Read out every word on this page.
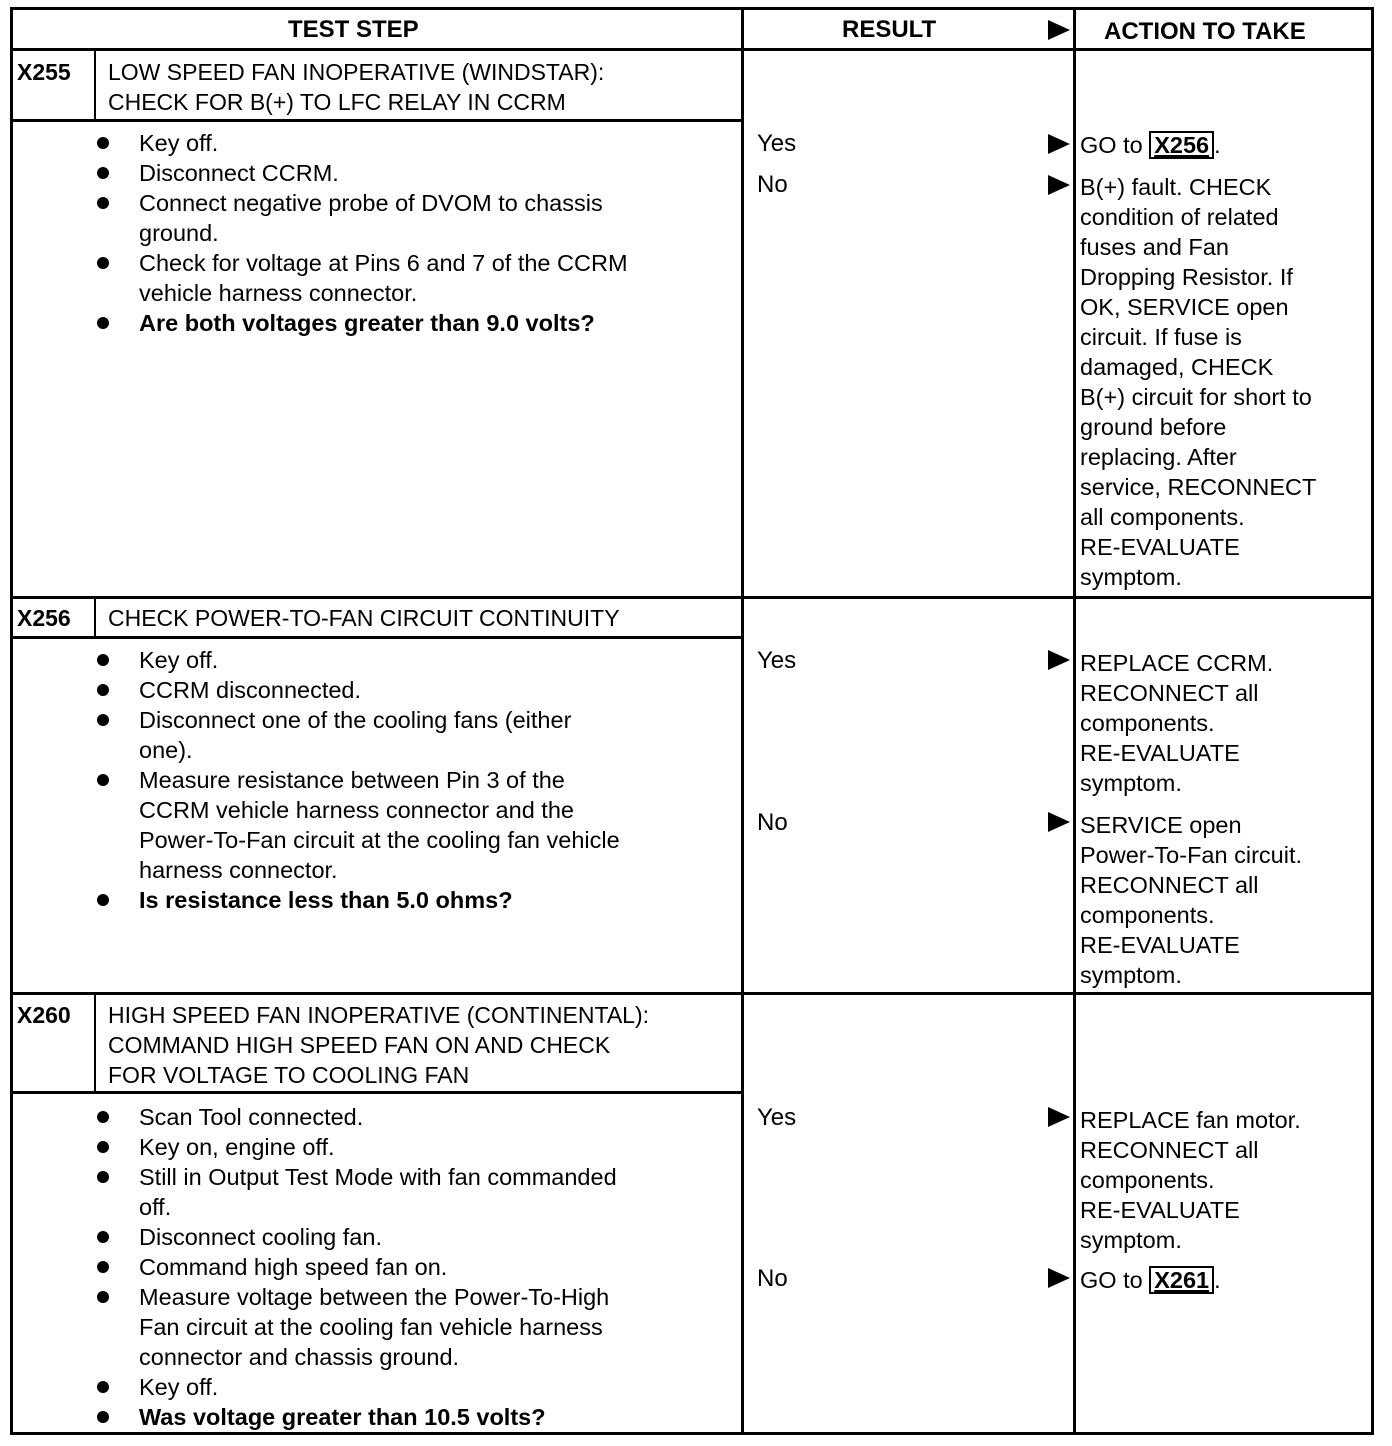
TEST STEP	RESULT	ACTION TO TAKE
X255 LOW SPEED FAN INOPERATIVE (WINDSTAR):
CHECK FOR B(+) TO LFC RELAY IN CCRM
Key off.
Disconnect CCRM.
Connect negative probe of DVOM to chassis
ground.
Check for voltage at Pins 6 and 7 of the CCRM
vehicle harness connector.
Are both voltages greater than 9.0 volts?
Yes
No
GO to X256 .
B(+) fault. CHECK
condition of related
fuses and Fan
Dropping Resistor. If
OK, SERVICE open
circuit. If fuse is
damaged, CHECK
B(+) circuit for short to
ground before
replacing. After
service, RECONNECT
all components.
RE-EVALUATE
symptom.
X256 CHECK POWER-TO-FAN CIRCUIT CONTINUITY
Key off.
CCRM disconnected.
Disconnect one of the cooling fans (either
one).
Measure resistance between Pin 3 of the
CCRM vehicle harness connector and the
Power-To-Fan circuit at the cooling fan vehicle
harness connector.
Is resistance less than 5.0 ohms?
Yes
No
REPLACE CCRM.
RECONNECT all
components.
RE-EVALUATE
symptom.
SERVICE open
Power-To-Fan circuit.
RECONNECT all
components.
RE-EVALUATE
symptom.
X260 HIGH SPEED FAN INOPERATIVE (CONTINENTAL):
COMMAND HIGH SPEED FAN ON AND CHECK
FOR VOLTAGE TO COOLING FAN
Scan Tool connected.
Key on, engine off.
Still in Output Test Mode with fan commanded
off.
Disconnect cooling fan.
Command high speed fan on.
Measure voltage between the Power-To-High
Fan circuit at the cooling fan vehicle harness
connector and chassis ground.
Key off.
Was voltage greater than 10.5 volts?
Yes
No
REPLACE fan motor.
RECONNECT all
components.
RE-EVALUATE
symptom.
GO to X261 .
